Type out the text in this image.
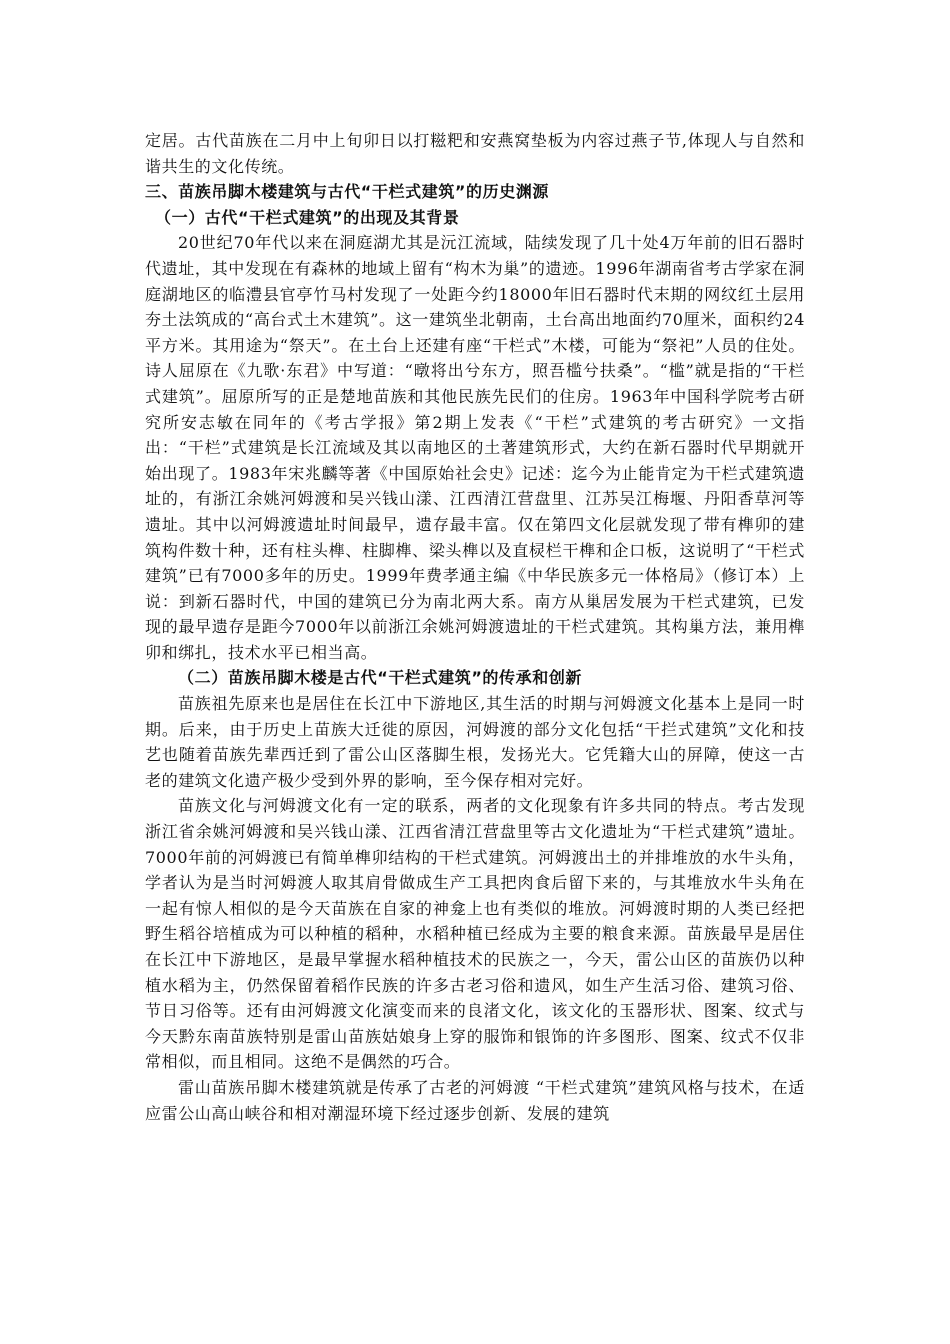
定居。古代苗族在二月中上旬卯日以打糍粑和安燕窝垫板为内容过燕子节,体现人与自然和谐共生的文化传统。

三、苗族吊脚木楼建筑与古代“干栏式建筑”的历史渊源

（一）古代“干栏式建筑”的出现及其背景

20世纪70年代以来在洞庭湖尤其是沅江流域，陆续发现了几十处4万年前的旧石器时代遗址，其中发现在有森林的地域上留有“构木为巢”的遗迹。1996年湖南省考古学家在洞庭湖地区的临澧县官亭竹马村发现了一处距今约18000年旧石器时代末期的网纹红土层用夯土法筑成的“高台式土木建筑”。这一建筑坐北朝南，土台高出地面约70厘米，面积约24平方米。其用途为“祭天”。在土台上还建有座“干栏式”木楼，可能为“祭祀”人员的住处。诗人屈原在《九歌·东君》中写道：“暾将出兮东方，照吾槛兮扶桑”。“槛”就是指的“干栏式建筑”。屈原所写的正是楚地苗族和其他民族先民们的住房。1963年中国科学院考古研究所安志敏在同年的《考古学报》第2期上发表《“干栏”式建筑的考古研究》一文指出：“干栏”式建筑是长江流域及其以南地区的土著建筑形式，大约在新石器时代早期就开始出现了。1983年宋兆麟等著《中国原始社会史》记述：迄今为止能肯定为干栏式建筑遗址的，有浙江余姚河姆渡和吴兴钱山漾、江西清江营盘里、江苏吴江梅堰、丹阳香草河等遗址。其中以河姆渡遗址时间最早，遗存最丰富。仅在第四文化层就发现了带有榫卯的建筑构件数十种，还有柱头榫、柱脚榫、梁头榫以及直棂栏干榫和企口板，这说明了“干栏式建筑”已有7000多年的历史。1999年费孝通主编《中华民族多元一体格局》（修订本）上说：到新石器时代，中国的建筑已分为南北两大系。南方从巢居发展为干栏式建筑，已发现的最早遗存是距今7000年以前浙江余姚河姆渡遗址的干栏式建筑。其构巢方法，兼用榫卯和绑扎，技术水平已相当高。

（二）苗族吊脚木楼是古代“干栏式建筑”的传承和创新

苗族祖先原来也是居住在长江中下游地区,其生活的时期与河姆渡文化基本上是同一时期。后来，由于历史上苗族大迁徙的原因，河姆渡的部分文化包括“干拦式建筑”文化和技艺也随着苗族先辈西迁到了雷公山区落脚生根，发扬光大。它凭籍大山的屏障，使这一古老的建筑文化遗产极少受到外界的影响，至今保存相对完好。

苗族文化与河姆渡文化有一定的联系，两者的文化现象有许多共同的特点。考古发现浙江省余姚河姆渡和吴兴钱山漾、江西省清江营盘里等古文化遗址为“干栏式建筑”遗址。7000年前的河姆渡已有简单榫卯结构的干栏式建筑。河姆渡出土的并排堆放的水牛头角，学者认为是当时河姆渡人取其肩骨做成生产工具把肉食后留下来的，与其堆放水牛头角在一起有惊人相似的是今天苗族在自家的神龛上也有类似的堆放。河姆渡时期的人类已经把野生稻谷培植成为可以种植的稻种，水稻种植已经成为主要的粮食来源。苗族最早是居住在长江中下游地区，是最早掌握水稻种植技术的民族之一，今天，雷公山区的苗族仍以种植水稻为主，仍然保留着稻作民族的许多古老习俗和遗风，如生产生活习俗、建筑习俗、节日习俗等。还有由河姆渡文化演变而来的良渚文化，该文化的玉器形状、图案、纹式与今天黔东南苗族特别是雷山苗族姑娘身上穿的服饰和银饰的许多图形、图案、纹式不仅非常相似，而且相同。这绝不是偶然的巧合。

雷山苗族吊脚木楼建筑就是传承了古老的河姆渡 “干栏式建筑”建筑风格与技术，在适应雷公山高山峡谷和相对潮湿环境下经过逐步创新、发展的建筑
